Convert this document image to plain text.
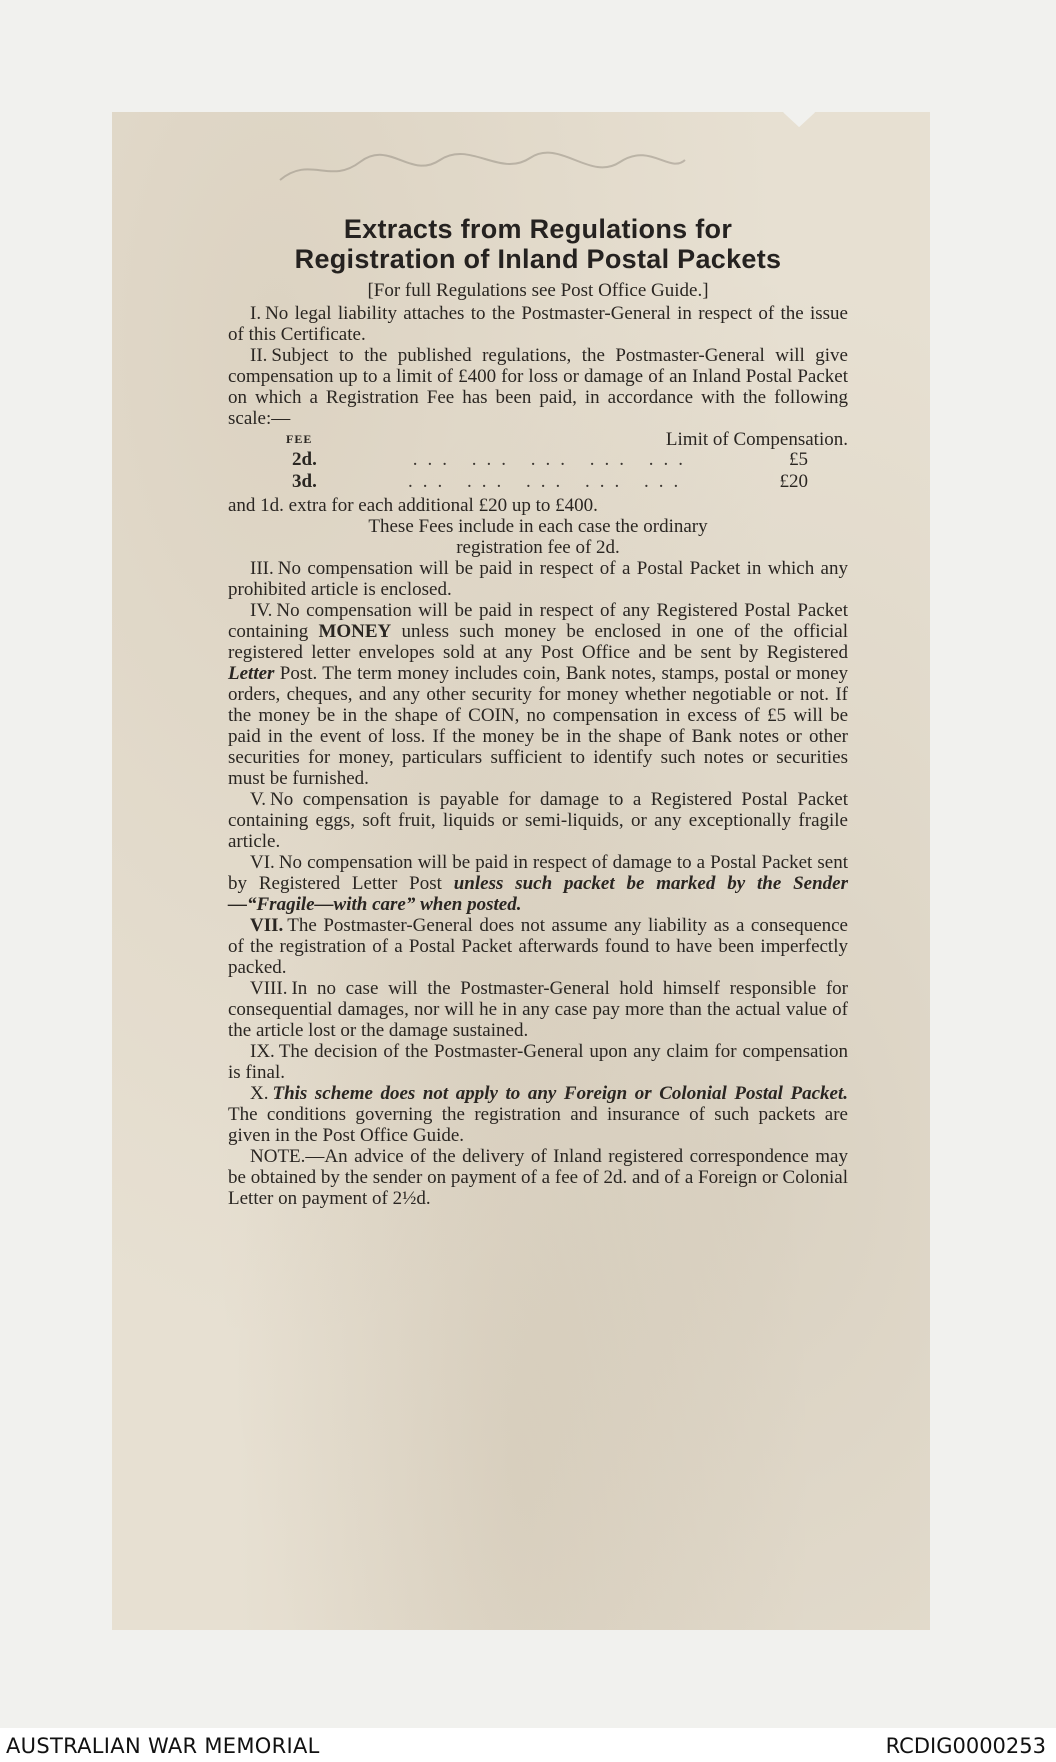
Extracts from Regulations for
Registration of Inland Postal Packets
[For full Regulations see Post Office Guide.]

I. No legal liability attaches to the Postmaster-General in respect of the issue of this Certificate.

II. Subject to the published regulations, the Postmaster-General will give compensation up to a limit of £400 for loss or damage of an Inland Postal Packet on which a Registration Fee has been paid, in accordance with the following scale:—

FEE	Limit of Compensation.
2d.	... ... ... ... ...	£5
3d.	... ... ... ... ...	£20
and 1d. extra for each additional £20 up to £400.
These Fees include in each case the ordinary
registration fee of 2d.

III. No compensation will be paid in respect of a Postal Packet in which any prohibited article is enclosed.

IV. No compensation will be paid in respect of any Registered Postal Packet containing MONEY unless such money be enclosed in one of the official registered letter envelopes sold at any Post Office and be sent by Registered Letter Post. The term money includes coin, Bank notes, stamps, postal or money orders, cheques, and any other security for money whether negotiable or not. If the money be in the shape of COIN, no compensation in excess of £5 will be paid in the event of loss. If the money be in the shape of Bank notes or other securities for money, particulars sufficient to identify such notes or securities must be furnished.

V. No compensation is payable for damage to a Registered Postal Packet containing eggs, soft fruit, liquids or semi-liquids, or any exceptionally fragile article.

VI. No compensation will be paid in respect of damage to a Postal Packet sent by Registered Letter Post unless such packet be marked by the Sender—“Fragile—with care” when posted.

VII. The Postmaster-General does not assume any liability as a consequence of the registration of a Postal Packet afterwards found to have been imperfectly packed.

VIII. In no case will the Postmaster-General hold himself responsible for consequential damages, nor will he in any case pay more than the actual value of the article lost or the damage sustained.

IX. The decision of the Postmaster-General upon any claim for compensation is final.

X. This scheme does not apply to any Foreign or Colonial Postal Packet. The conditions governing the registration and insurance of such packets are given in the Post Office Guide.

NOTE.—An advice of the delivery of Inland registered correspondence may be obtained by the sender on payment of a fee of 2d. and of a Foreign or Colonial Letter on payment of 2½d.

AUSTRALIAN WAR MEMORIAL	RCDIG0000253
